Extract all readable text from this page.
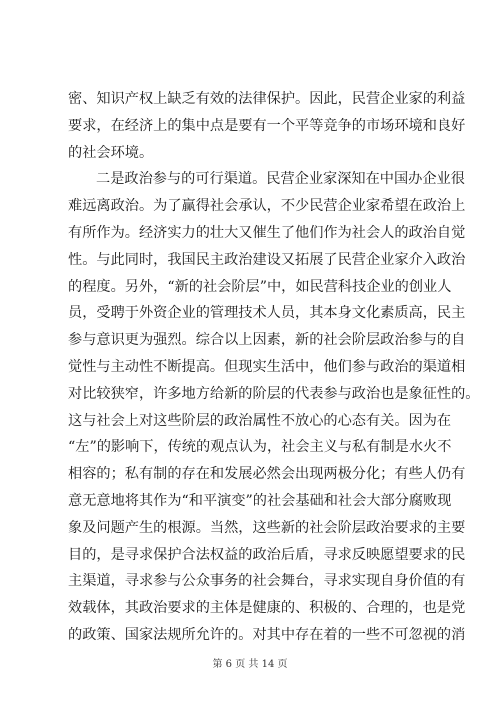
密、知识产权上缺乏有效的法律保护。因此，民营企业家的利益
要求，在经济上的集中点是要有一个平等竞争的市场环境和良好
的社会环境。
二是政治参与的可行渠道。民营企业家深知在中国办企业很
难远离政治。为了赢得社会承认，不少民营企业家希望在政治上
有所作为。经济实力的壮大又催生了他们作为社会人的政治自觉
性。与此同时，我国民主政治建设又拓展了民营企业家介入政治
的程度。另外，“新的社会阶层”中，如民营科技企业的创业人
员，受聘于外资企业的管理技术人员，其本身文化素质高，民主
参与意识更为强烈。综合以上因素，新的社会阶层政治参与的自
觉性与主动性不断提高。但现实生活中，他们参与政治的渠道相
对比较狭窄，许多地方给新的阶层的代表参与政治也是象征性的。
这与社会上对这些阶层的政治属性不放心的心态有关。因为在
“左”的影响下，传统的观点认为，社会主义与私有制是水火不
相容的；私有制的存在和发展必然会出现两极分化；有些人仍有
意无意地将其作为“和平演变”的社会基础和社会大部分腐败现
象及问题产生的根源。当然，这些新的社会阶层政治要求的主要
目的，是寻求保护合法权益的政治后盾，寻求反映愿望要求的民
主渠道，寻求参与公众事务的社会舞台，寻求实现自身价值的有
效载体，其政治要求的主体是健康的、积极的、合理的，也是党
的政策、国家法规所允许的。对其中存在着的一些不可忽视的消
第 6 页 共 14 页
